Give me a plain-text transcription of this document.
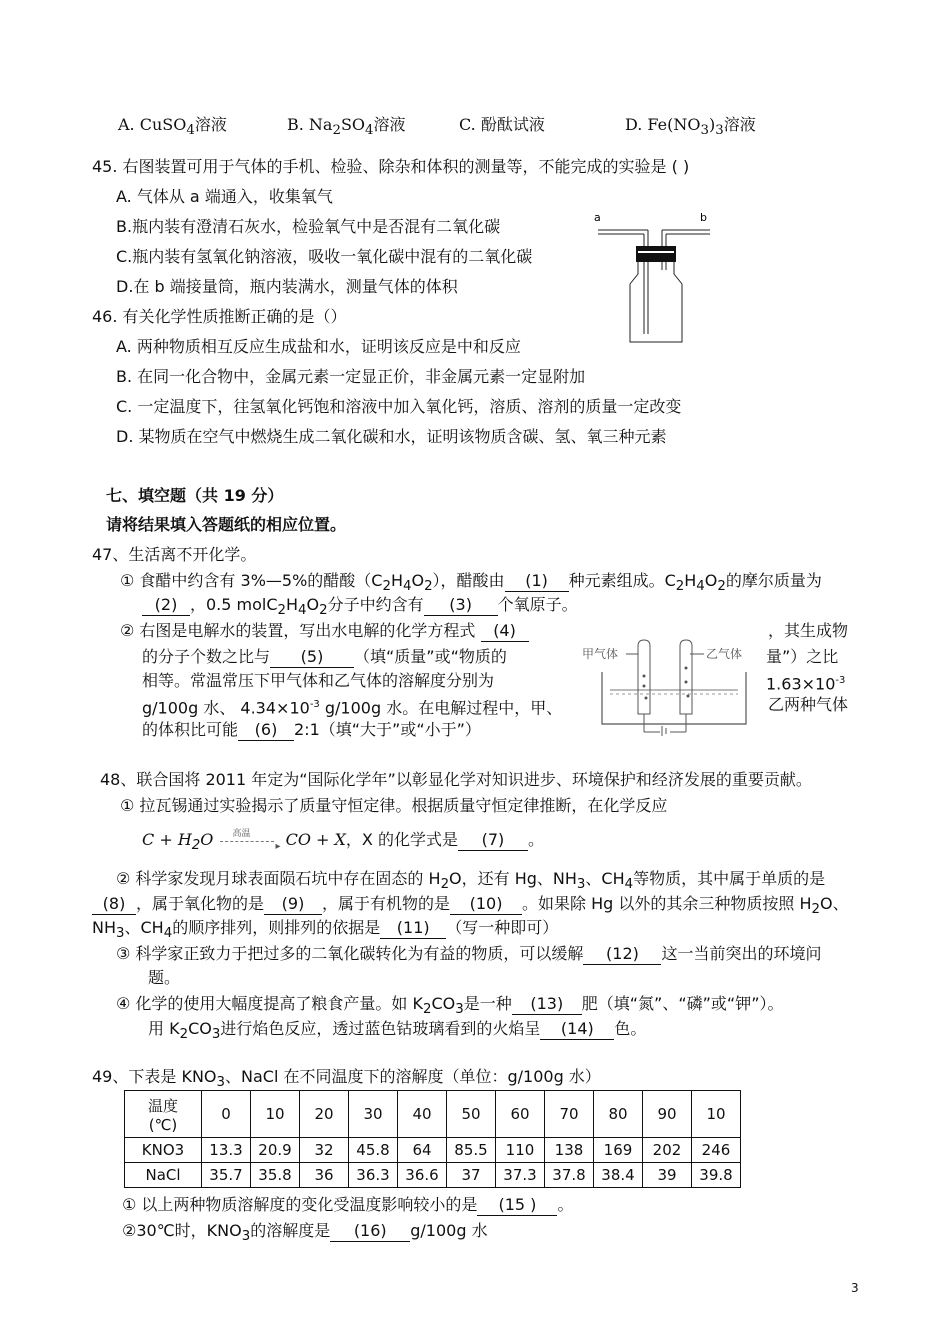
A. CuSO$_4$溶液	B. $Na_2SO_4$溶液	C. 酚酞试液	D. $Fe(NO_3)_3$溶液
45. 右图装置可用于气体的手机、检验、除杂和体积的测量等，不能完成的实验是 ( )
A. 气体从 a 端通入，收集氧气
B.瓶内装有澄清石灰水，检验氧气中是否混有二氧化碳
C.瓶内装有氢氧化钠溶液，吸收一氧化碳中混有的二氧化碳
D.在 b 端接量筒，瓶内装满水，测量气体的体积
a	b
46. 有关化学性质推断正确的是（）
A. 两种物质相互反应生成盐和水，证明该反应是中和反应
B. 在同一化合物中，金属元素一定显正价，非金属元素一定显附加
C. 一定温度下，往氢氧化钙饱和溶液中加入氧化钙，溶质、溶剂的质量一定改变
D. 某物质在空气中燃烧生成二氧化碳和水，证明该物质含碳、氢、氧三种元素
七、填空题（共 19 分）
请将结果填入答题纸的相应位置。
47、生活离不开化学。
① 食醋中约含有 3%—5%的醋酸$(C_2H_4O_2)$，醋酸由 (1) 种元素组成。$C_2H_4O_2$的摩尔质量为
(2) ，0.5 $molC_2H_4O_2$分子中约含有 (3) 个氧原子。
② 右图是电解水的装置，写出水电解的化学方程式 (4)	，其生成物
的分子个数之比与 (5) （填“质量”或“物质的	量”）之比
相等。常温常压下甲气体和乙气体的溶解度分别为	$1.63\times 10^{-3}$
g/100g 水、 $4.34\times 10^{-3}$ g/100g 水。在电解过程中，甲、	乙两种气体
的体积比可能 (6) 2:1（填“大于”或“小于”）
甲气体	乙气体
48、联合国将 2011 年定为“国际化学年”以彰显化学对知识进步、环境保护和经济发展的重要贡献。
① 拉瓦锡通过实验揭示了质量守恒定律。根据质量守恒定律推断，在化学反应
$C + H_2O$ 高温
▸ CO + X，X 的化学式是 (7) 。
② 科学家发现月球表面陨石坑中存在固态的 $H_2O$，还有 Hg、$NH_3$、$CH_4$等物质，其中属于单质的是
(8) ，属于氧化物的是 (9) ，属于有机物的是 (10) 。如果除 Hg 以外的其余三种物质按照 $H_2O$、
$NH_3$、$CH_4$的顺序排列，则排列的依据是 (11) （写一种即可）
③ 科学家正致力于把过多的二氧化碳转化为有益的物质，可以缓解 (12) 这一当前突出的环境问
题。
④ 化学的使用大幅度提高了粮食产量。如 $K_2CO_3$是一种 (13) 肥（填“氮”、“磷”或“钾”）。
用 $K_2CO_3$进行焰色反应，透过蓝色钴玻璃看到的火焰呈 (14) 色。
49、下表是 $KNO_3$、NaCl 在不同温度下的溶解度（单位：g/100g 水）
温度
(℃)	0	10	20	30	40	50	60	70	80	90	10
KNO3	13.3	20.9	32	45.8	64	85.5	110	138	169	202	246
NaCl	35.7	35.8	36	36.3	36.6	37	37.3	37.8	38.4	39	39.8
① 以上两种物质溶解度的变化受温度影响较小的是 (15 ) 。
②30℃时，$KNO_3$的溶解度是 (16) g/100g 水
3
